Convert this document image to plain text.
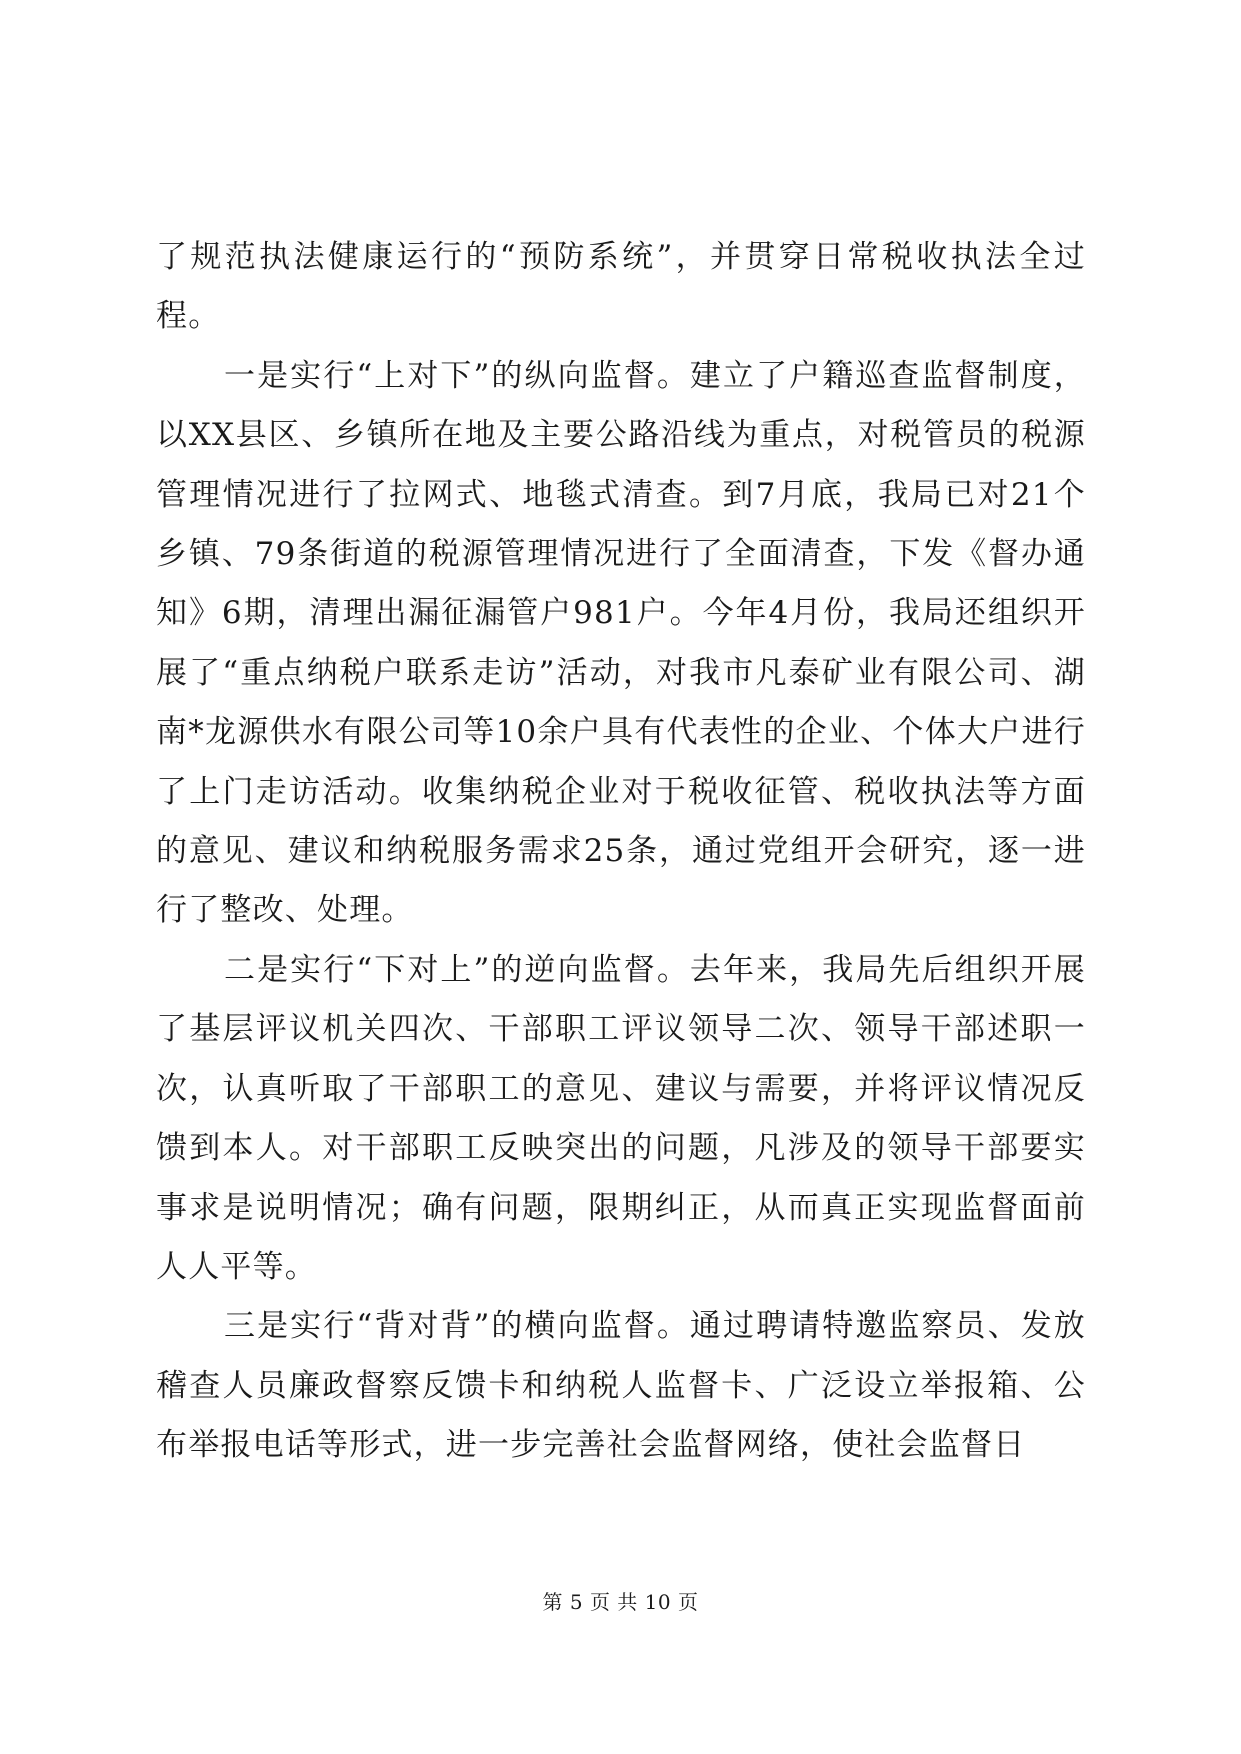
了规范执法健康运行的“预防系统”，并贯穿日常税收执法全过程。

一是实行“上对下”的纵向监督。建立了户籍巡查监督制度，以XX县区、乡镇所在地及主要公路沿线为重点，对税管员的税源管理情况进行了拉网式、地毯式清查。到7月底，我局已对21个乡镇、79条街道的税源管理情况进行了全面清查，下发《督办通知》6期，清理出漏征漏管户981户。今年4月份，我局还组织开展了“重点纳税户联系走访”活动，对我市凡泰矿业有限公司、湖南*龙源供水有限公司等10余户具有代表性的企业、个体大户进行了上门走访活动。收集纳税企业对于税收征管、税收执法等方面的意见、建议和纳税服务需求25条，通过党组开会研究，逐一进行了整改、处理。

二是实行“下对上”的逆向监督。去年来，我局先后组织开展了基层评议机关四次、干部职工评议领导二次、领导干部述职一次，认真听取了干部职工的意见、建议与需要，并将评议情况反馈到本人。对干部职工反映突出的问题，凡涉及的领导干部要实事求是说明情况；确有问题，限期纠正，从而真正实现监督面前人人平等。

三是实行“背对背”的横向监督。通过聘请特邀监察员、发放稽查人员廉政督察反馈卡和纳税人监督卡、广泛设立举报箱、公布举报电话等形式，进一步完善社会监督网络，使社会监督日

第 5 页 共 10 页
